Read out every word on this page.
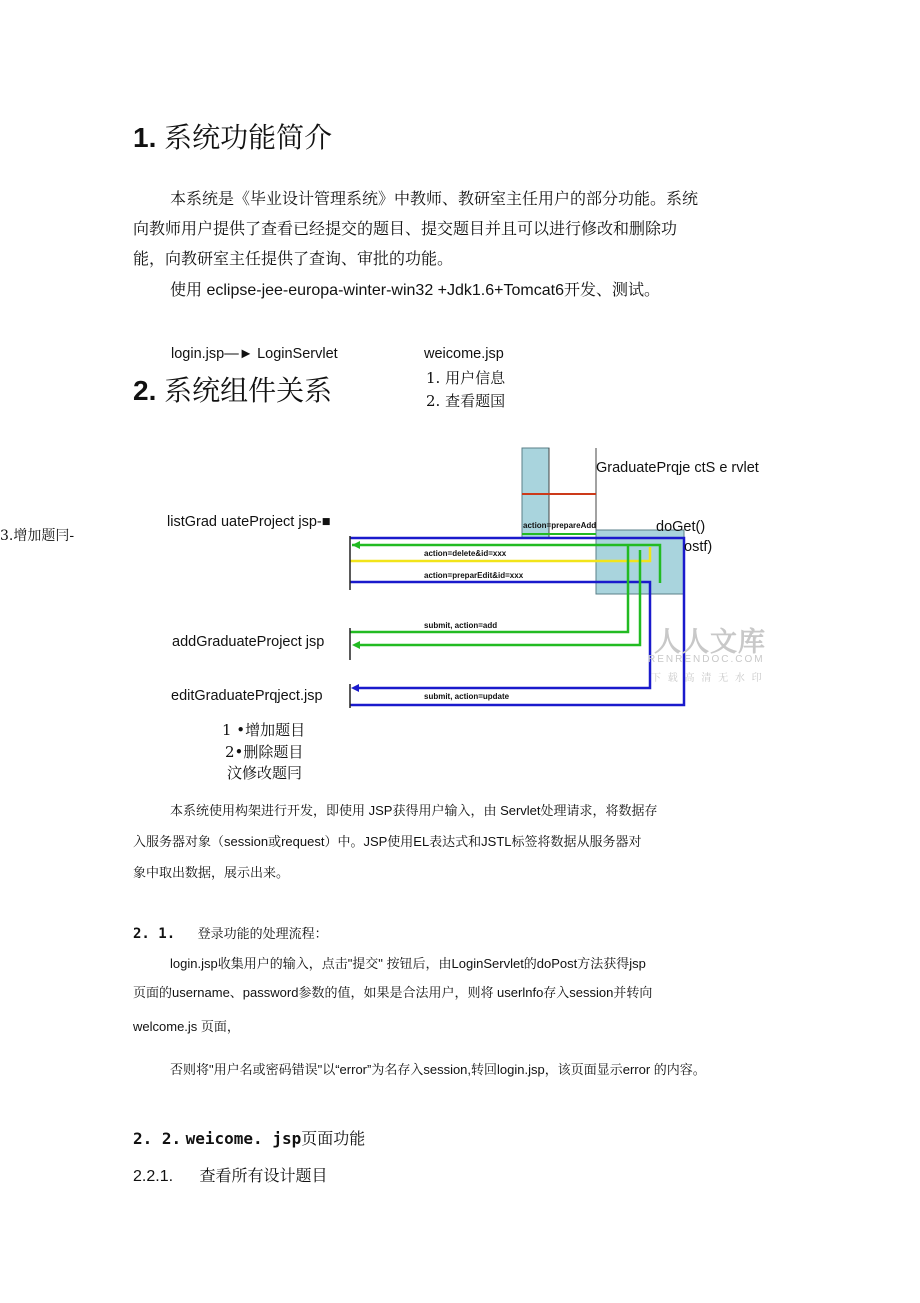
1. 系统功能简介
本系统是《毕业设计管理系统》中教师、教研室主任用户的部分功能。系统
向教师用户提供了查看已经提交的题目、提交题目并且可以进行修改和删除功
能，向教研室主任提供了查询、审批的功能。
使用 eclipse-jee-europa-winter-win32 +Jdk1.6+Tomcat6开发、测试。
login.jsp—► LoginServlet	weicome.jsp
2. 系统组件关系	1. 用户信息
2. 查看题国
3.增加题冃-
action=prepareAdd
action=delete&id=xxx
action=preparEdit&id=xxx
submit, action=add
submit, action=update
GraduatePrqje ctS e rvlet
doGet()
ostf)
listGrad uateProject jsp-■
addGraduateProject jsp
editGraduatePrqject.jsp
人人文库
RENRENDOC.COM
下 载 高 清 无 水 印
1 •增加题目
2•删除题目
汶修改题冃
本系统使用构架进行开发，即使用 JSP获得用户输入，由 Servlet处理请求，将数据存
入服务器对象（session或request）中。JSP使用EL表达式和JSTL标签将数据从服务器对
象中取出数据，展示出来。
2. 1. 登录功能的处理流程：
login.jsp收集用户的输入，点击"提交" 按钮后，由LoginServlet的doPost方法获得jsp
页面的username、password参数的值，如果是合法用户，则将 userlnfo存入session并转向
welcome.js 页面，
否则将"用户名或密码错误"以“error”为名存入session,转回login.jsp，该页面显示error 的内容。
2. 2. weicome. jsp页面功能
2.2.1. 查看所有设计题目
